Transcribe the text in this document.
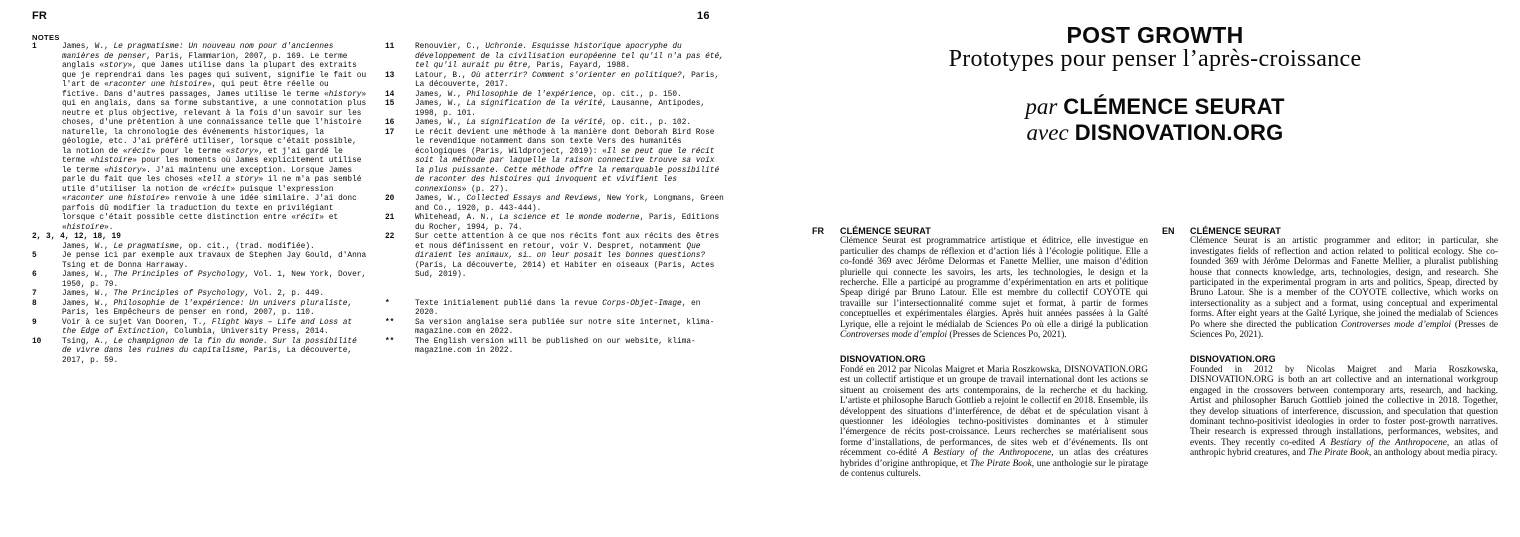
FR	16
NOTES
1	James, W., Le pragmatisme: Un nouveau nom pour d'anciennes manières de penser, Paris, Flammarion, 2007, p. 169. Le terme anglais «story», que James utilise dans la plupart des extraits que je reprendrai dans les pages qui suivent, signifie le fait ou l'art de «raconter une histoire», qui peut être réelle ou fictive. Dans d'autres passages, James utilise le terme «history» qui en anglais, dans sa forme substantive, a une connotation plus neutre et plus objective, relevant à la fois d'un savoir sur les choses, d'une prétention à une connaissance telle que l'histoire naturelle, la chronologie des événements historiques, la géologie, etc. J'ai préféré utiliser, lorsque c'était possible, la notion de «récit» pour le terme «story», et j'ai gardé le terme «histoire» pour les moments où James explicitement utilise le terme «history». J'ai maintenu une exception. Lorsque James parle du fait que les choses «tell a story» il ne m'a pas semblé utile d'utiliser la notion de «récit» puisque l'expression «raconter une histoire» renvoie à une idée similaire. J'ai donc parfois dû modifier la traduction du texte en privilégiant lorsque c'était possible cette distinction entre «récit» et «histoire».
2, 3, 4, 12, 18, 19
James, W., Le pragmatisme, op. cit., (trad. modifiée).
5	Je pense ici par exemple aux travaux de Stephen Jay Gould, d'Anna Tsing et de Donna Harraway.
6	James, W., The Principles of Psychology, Vol. 1, New York, Dover, 1950, p. 79.
7	James, W., The Principles of Psychology, Vol. 2, p. 449.
8	James, W., Philosophie de l'expérience: Un univers pluraliste, Paris, les Empêcheurs de penser en rond, 2007, p. 110.
9	Voir à ce sujet Van Dooren, T., Flight Ways – Life and Loss at the Edge of Extinction, Columbia, University Press, 2014.
10	Tsing, A., Le champignon de la fin du monde. Sur la possibilité de vivre dans les ruines du capitalisme, Paris, La découverte, 2017, p. 59.
11	Renouvier, C., Uchronie. Esquisse historique apocryphe du développement de la civilisation européenne tel qu'il n'a pas été, tel qu'il aurait pu être, Paris, Fayard, 1988.
13	Latour, B., Où atterrir? Comment s'orienter en politique?, Paris, La découverte, 2017.
14	James, W., Philosophie de l'expérience, op. cit., p. 150.
15	James, W., La signification de la vérité, Lausanne, Antipodes, 1998, p. 101.
16	James, W., La signification de la vérité, op. cit., p. 102.
17	Le récit devient une méthode à la manière dont Deborah Bird Rose le revendique notamment dans son texte Vers des humanités écologiques (Paris, Wildproject, 2019): «Il se peut que le récit soit la méthode par laquelle la raison connective trouve sa voix la plus puissante. Cette méthode offre la remarquable possibilité de raconter des histoires qui invoquent et vivifient les connexions» (p. 27).
20	James, W., Collected Essays and Reviews, New York, Longmans, Green and Co., 1920, p. 443-444).
21	Whitehead, A. N., La science et le monde moderne, Paris, Editions du Rocher, 1994, p. 74.
22	Sur cette attention à ce que nos récits font aux récits des êtres et nous définissent en retour, voir V. Despret, notamment Que diraient les animaux, si… on leur posait les bonnes questions? (Paris, La découverte, 2014) et Habiter en oiseaux (Paris, Actes Sud, 2019).
*	Texte initialement publié dans la revue Corps-Objet-Image, en 2020.
**	Sa version anglaise sera publiée sur notre site internet, klima-magazine.com en 2022.
**	The English version will be published on our website, klima-magazine.com in 2022.
POST GROWTH
Prototypes pour penser l’après-croissance
par CLÉMENCE SEURAT
avec DISNOVATION.ORG
FR CLÉMENCE SEURAT

Clémence Seurat est programmatrice artistique et éditrice, elle investigue en particulier des champs de réflexion et d’action liés à l’écologie politique. Elle a co-fondé 369 avec Jérôme Delormas et Fanette Mellier, une maison d’édition plurielle qui connecte les savoirs, les arts, les technologies, le design et la recherche. Elle a participé au programme d’expérimentation en arts et politique Speap dirigé par Bruno Latour. Elle est membre du collectif COYOTE qui travaille sur l’intersectionnalité comme sujet et format, à partir de formes conceptuelles et expérimentales élargies. Après huit années passées à la Gaîté Lyrique, elle a rejoint le médialab de Sciences Po où elle a dirigé la publication Controverses mode d’emploi (Presses de Sciences Po, 2021).

DISNOVATION.ORG

Fondé en 2012 par Nicolas Maigret et Maria Roszkowska, DISNOVATION.ORG est un collectif artistique et un groupe de travail international dont les actions se situent au croisement des arts contemporains, de la recherche et du hacking. L’artiste et philosophe Baruch Gottlieb a rejoint le collectif en 2018. Ensemble, ils développent des situations d’interférence, de débat et de spéculation visant à questionner les idéologies techno-positivistes dominantes et à stimuler l’émergence de récits post-croissance. Leurs recherches se matérialisent sous forme d’installations, de performances, de sites web et d’événements. Ils ont récemment co-édité A Bestiary of the Anthropocene, un atlas des créatures hybrides d’origine anthropique, et The Pirate Book, une anthologie sur le piratage de contenus culturels.

EN CLÉMENCE SEURAT

Clémence Seurat is an artistic programmer and editor; in particular, she investigates fields of reflection and action related to political ecology. She co-founded 369 with Jérôme Delormas and Fanette Mellier, a pluralist publishing house that connects knowledge, arts, technologies, design, and research. She participated in the experimental program in arts and politics, Speap, directed by Bruno Latour. She is a member of the COYOTE collective, which works on intersectionality as a subject and a format, using conceptual and experimental forms. After eight years at the Gaîté Lyrique, she joined the medialab of Sciences Po where she directed the publication Controverses mode d’emploi (Presses de Sciences Po, 2021).

DISNOVATION.ORG

Founded in 2012 by Nicolas Maigret and Maria Roszkowska, DISNOVATION.ORG is both an art collective and an international workgroup engaged in the crossovers between contemporary arts, research, and hacking. Artist and philosopher Baruch Gottlieb joined the collective in 2018. Together, they develop situations of interference, discussion, and speculation that question dominant techno-positivist ideologies in order to foster post-growth narratives. Their research is expressed through installations, performances, websites, and events. They recently co-edited A Bestiary of the Anthropocene, an atlas of anthropic hybrid creatures, and The Pirate Book, an anthology about media piracy.
